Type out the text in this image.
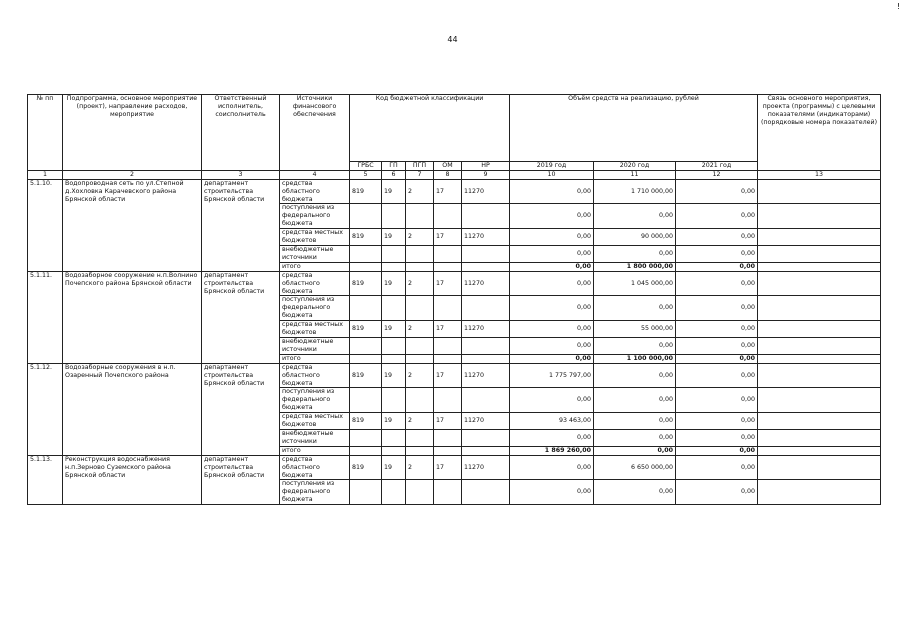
!
44
№ пп	Подпрограмма, основное мероприятие (проект), направление расходов, мероприятие	Ответственный исполнитель, соисполнитель	Источники финансового обеспечения	Код бюджетной классификации					Объём средств на реализацию, рублей			Связь основного мероприятия, проекта (программы) с целевыми показателями (индикаторами) (порядковые номера показателей)
				ГРБС	ГП	ПГП	ОМ	НР	2019 год	2020 год	2021 год	
1	2	3	4	5	6	7	8	9	10	11	12	13
5.1.10.	Водопроводная сеть по ул.Степной д.Хохловка Карачевского района Брянской области	департамент строительства Брянской области	средства областного бюджета	819	19	2	17	11270	0,00	1 710 000,00	0,00	
			поступления из федерального бюджета						0,00	0,00	0,00	
			средства местных бюджетов	819	19	2	17	11270	0,00	90 000,00	0,00	
			внебюджетные источники						0,00	0,00	0,00	
			итого						0,00	1 800 000,00	0,00	
5.1.11.	Водозаборное сооружение н.п.Волнино Почепского района Брянской области	департамент строительства Брянской области	средства областного бюджета	819	19	2	17	11270	0,00	1 045 000,00	0,00	
			поступления из федерального бюджета						0,00	0,00	0,00	
			средства местных бюджетов	819	19	2	17	11270	0,00	55 000,00	0,00	
			внебюджетные источники						0,00	0,00	0,00	
			итого						0,00	1 100 000,00	0,00	
5.1.12.	Водозаборные сооружения в н.п. Озаренный Почепского района	департамент строительства Брянской области	средства областного бюджета	819	19	2	17	11270	1 775 797,00	0,00	0,00	
			поступления из федерального бюджета						0,00	0,00	0,00	
			средства местных бюджетов	819	19	2	17	11270	93 463,00	0,00	0,00	
			внебюджетные источники						0,00	0,00	0,00	
			итого						1 869 260,00	0,00	0,00	
5.1.13.	Реконструкция водоснабжения н.п.Зерново Суземского района Брянской области	департамент строительства Брянской области	средства областного бюджета	819	19	2	17	11270	0,00	6 650 000,00	0,00	
			поступления из федерального бюджета						0,00	0,00	0,00	
